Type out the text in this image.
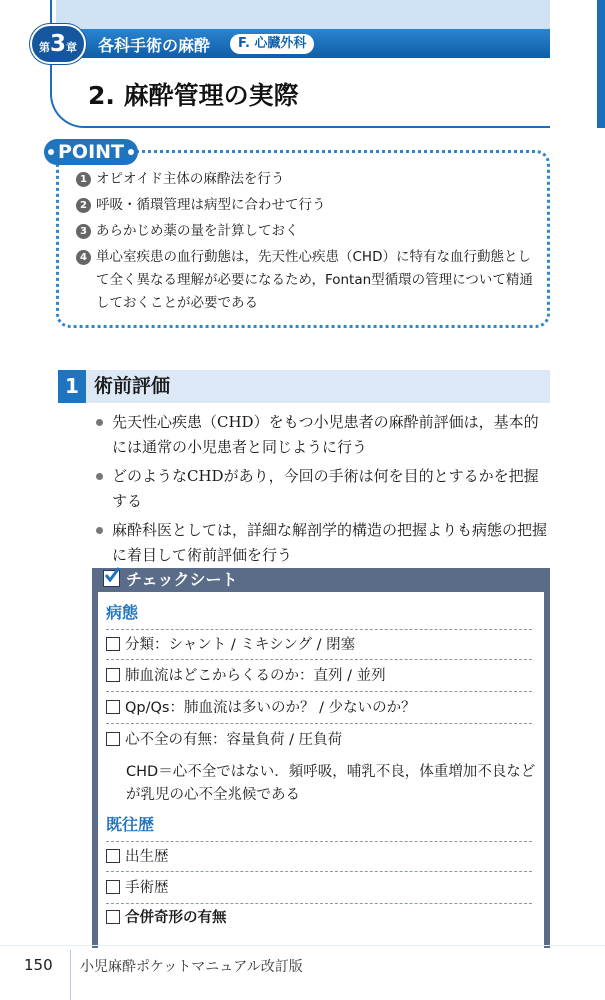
第3章	各科手術の麻酔	F. 心臓外科
2. 麻酔管理の実際
POINT
1 オピオイド主体の麻酔法を行う
2 呼吸・循環管理は病型に合わせて行う
3 あらかじめ薬の量を計算しておく
4 単心室疾患の血行動態は，先天性心疾患（CHD）に特有な血行動態として全く異なる理解が必要になるため，Fontan型循環の管理について精通しておくことが必要である
1 術前評価
先天性心疾患（CHD）をもつ小児患者の麻酔前評価は，基本的には通常の小児患者と同じように行う
どのようなCHDがあり，今回の手術は何を目的とするかを把握する
麻酔科医としては，詳細な解剖学的構造の把握よりも病態の把握に着目して術前評価を行う
チェックシート
病態
分類：シャント / ミキシング / 閉塞
肺血流はどこからくるのか：直列 / 並列
Qp/Qs：肺血流は多いのか？ / 少ないのか？
心不全の有無：容量負荷 / 圧負荷
CHD＝心不全ではない．頻呼吸，哺乳不良，体重増加不良などが乳児の心不全兆候である
既往歴
出生歴
手術歴
合併奇形の有無
150 小児麻酔ポケットマニュアル改訂版
